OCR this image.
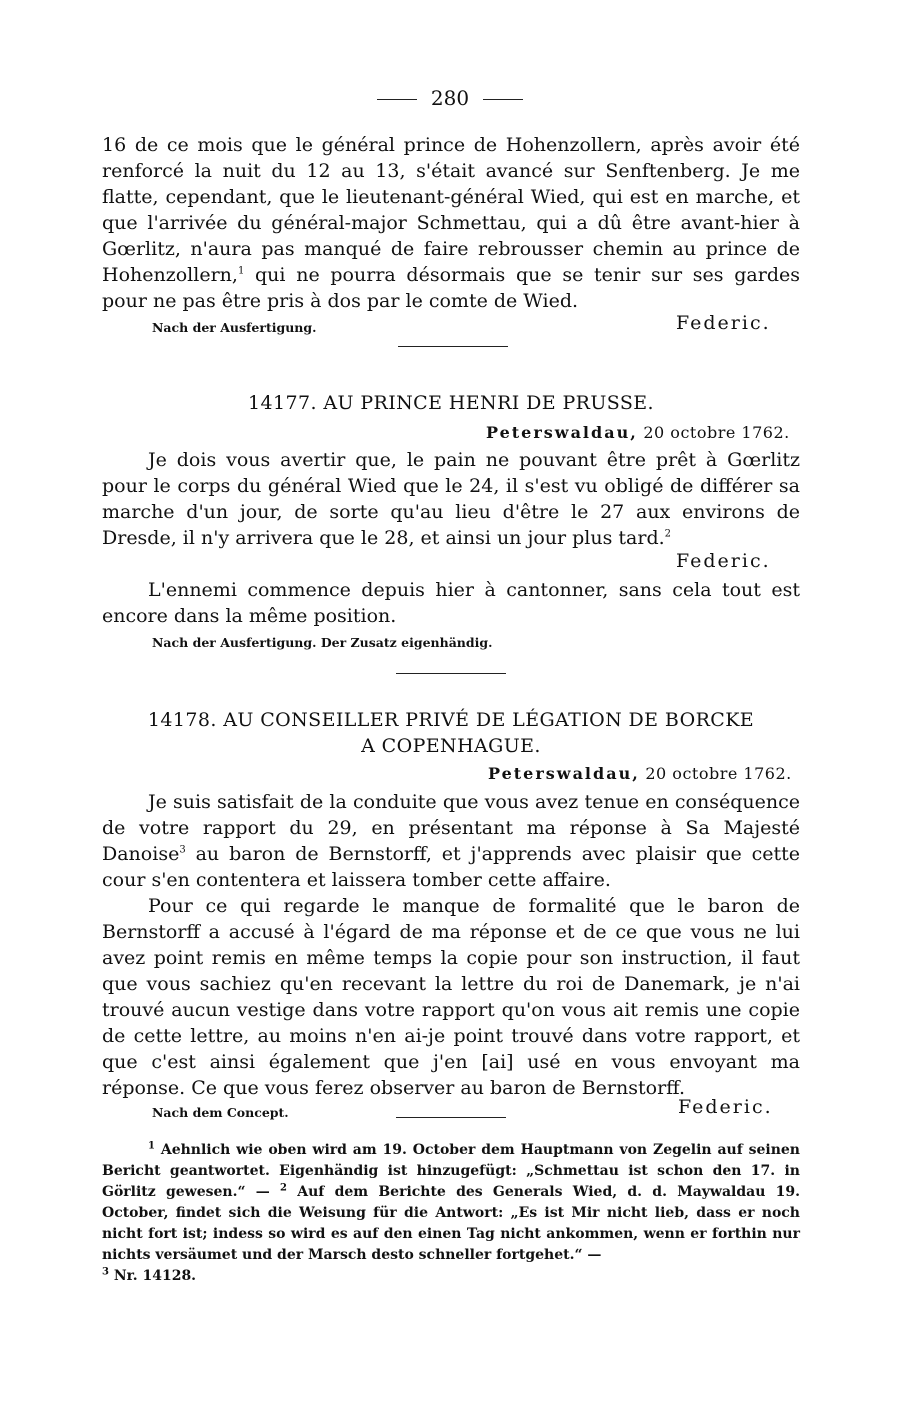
280

16 de ce mois que le général prince de Hohenzollern, après avoir été renforcé la nuit du 12 au 13, s'était avancé sur Senftenberg. Je me flatte, cependant, que le lieutenant-général Wied, qui est en marche, et que l'arrivée du général-major Schmettau, qui a dû être avant-hier à Gœrlitz, n'aura pas manqué de faire rebrousser chemin au prince de Hohenzollern,$^1$ qui ne pourra désormais que se tenir sur ses gardes pour ne pas être pris à dos par le comte de Wied.

Nach der Ausfertigung.	Federic.
14177. AU PRINCE HENRI DE PRUSSE.
Peterswaldau, 20 octobre 1762.

Je dois vous avertir que, le pain ne pouvant être prêt à Gœrlitz pour le corps du général Wied que le 24, il s'est vu obligé de différer sa marche d'un jour, de sorte qu'au lieu d'être le 27 aux environs de Dresde, il n'y arrivera que le 28, et ainsi un jour plus tard.$^2$

Federic.

L'ennemi commence depuis hier à cantonner, sans cela tout est encore dans la même position.

Nach der Ausfertigung. Der Zusatz eigenhändig.
14178. AU CONSEILLER PRIVÉ DE LÉGATION DE BORCKE
A COPENHAGUE.
Peterswaldau, 20 octobre 1762.

Je suis satisfait de la conduite que vous avez tenue en conséquence de votre rapport du 29, en présentant ma réponse à Sa Majesté Danoise$^3$ au baron de Bernstorff, et j'apprends avec plaisir que cette cour s'en contentera et laissera tomber cette affaire.

Pour ce qui regarde le manque de formalité que le baron de Bernstorff a accusé à l'égard de ma réponse et de ce que vous ne lui avez point remis en même temps la copie pour son instruction, il faut que vous sachiez qu'en recevant la lettre du roi de Danemark, je n'ai trouvé aucun vestige dans votre rapport qu'on vous ait remis une copie de cette lettre, au moins n'en ai-je point trouvé dans votre rapport, et que c'est ainsi également que j'en [ai] usé en vous envoyant ma réponse. Ce que vous ferez observer au baron de Bernstorff.

Nach dem Concept.	Federic.

$^1$ Aehnlich wie oben wird am 19. October dem Hauptmann von Zegelin auf seinen Bericht geantwortet. Eigenhändig ist hinzugefügt: „Schmettau ist schon den 17. in Görlitz gewesen.“ — $^2$ Auf dem Berichte des Generals Wied, d. d. Maywaldau 19. October, findet sich die Weisung für die Antwort: „Es ist Mir nicht lieb, dass er noch nicht fort ist; indess so wird es auf den einen Tag nicht ankommen, wenn er forthin nur nichts versäumet und der Marsch desto schneller fortgehet.“ —

$^3$ Nr. 14128.
